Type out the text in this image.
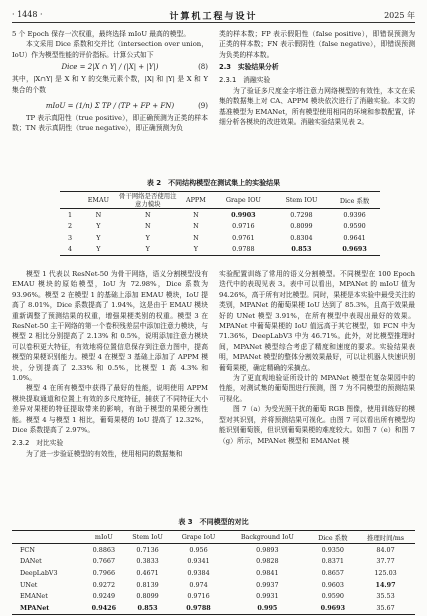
· 1448 ·	计算机工程与设计	2025 年

5 个 Epoch 保存一次权重，最终选择 mIoU 最高的模型。

本文采用 Dice 系数和交并比（intersection over union，IoU）作为模型性能的评价指标。计算公式如下

Dice = 2|X ∩ Y| / (|X| + |Y|)	(8)

其中，|X∩Y| 是 X 和 Y 的交集元素个数，|X| 和 |Y| 是 X 和 Y 集合的个数

mIoU = (1/n) Σ TP / (TP + FP + FN)	(9)

TP 表示真阳性（true positive），即正确预测为正类的样本数；TN 表示真阴性（true negative），即正确预测为负

类的样本数；FP 表示假阳性（false positive），即错误预测为正类的样本数；FN 表示假阴性（false negative），即错误预测为负类的样本数。

2.3　实验结果分析
2.3.1　消融实验

为了验证多尺度金字塔注意力网络模型的有效性，本文在采集的数据集上对 CA、APPM 模块依次进行了消融实验。本文的基准模型为 EMANet，所有模型使用相同的环境和参数配置，详细分析各模块的改进效果。消融实验结果见表 2。

表 2　不同结构模型在测试集上的实验结果
	EMAU	骨干网络是否使用注意力模块	APPM	Grape IOU	Stem IOU	Dice 系数
1	N	N	N	0.9903	0.7298	0.9396
2	Y	N	N	0.9716	0.8099	0.9590
3	Y	Y	N	0.9761	0.8304	0.9641
4	Y	Y	Y	0.9788	0.853	0.9693

模型 1 代表以 ResNet-50 为骨干网络，语义分割模型没有 EMAU 模块的原始模型，IoU 为 72.98%，Dice 系数为 93.96%。模型 2 在模型 1 的基础上添加 EMAU 模块，IoU 提高了 8.01%，Dice 系数提高了 1.94%，这是由于 EMAU 模块重新调整了预测结果的权重，增强果梗类别的权重。模型 3 在 ResNet-50 主干网络的第一个卷积残差层中添加注意力模块，与模型 2 相比分别提高了 2.13% 和 0.5%，说明添加注意力模块可以卷积更大特征，有效地将位置信息保存到注意力图中，提高模型的果梗识别能力。模型 4 在模型 3 基础上添加了 APPM 模块，分别提高了 2.33% 和 0.5%，比模型 1 高 4.3% 和 1.0%。

模型 4 在所有模型中获得了最好的性能，说明使用 APPM 模块提取通道和位置上有效的多尺度特征，捕获了不同特征大小差异对果梗的特征提取带来的影响，有助于模型的果梗分割性能。模型 4 与模型 1 相比，葡萄果梗的 IoU 提高了 12.32%，Dice 系数提高了 2.97%。

2.3.2　对比实验

为了进一步验证模型的有效性，使用相同的数据集和

实验配置训练了常用的语义分割模型。不同模型在 100 Epoch 迭代中的表现见表 3。表中可以看出，MPANet 的 mIoU 值为 94.26%，高于所有对比模型。同时，果梗是本实验中最受关注的类别，MPANet 的葡萄果梗 IoU 达到了 85.3%，且高于效果最好的 UNet 模型 3.91%，在所有模型中表现出最好的效果。MPANet 中葡萄果梗的 IoU 值远高于其它模型，如 FCN 中为 71.36%，DeepLabV3 中为 46.71%。此外，对比模型推理时间，MPANet 模型综合考虑了精度和速度的要求。实验结果表明，MPANet 模型的整体分割效果最好，可以让机器人快速识别葡萄果梗，确定精确的采摘点。

为了更直观地验证所设计的 MPANet 模型在复杂果园中的性能，对测试集的葡萄图进行预测，图 7 为不同模型的预测结果可视化。

图 7（a）为受光照干扰的葡萄 RGB 图像，使用训练好的模型对其识别，并将预测结果可视化。由图 7 可以看出所有模型均能识别葡萄簇，但识别葡萄果梗的难度较大。如图 7（e）和图 7（g）所示，MPANet 模型和 EMANet 模

表 3　不同模型的对比
	mIoU	Stem IoU	Grape IoU	Background IoU	Dice 系数	推理时间/ms
FCN	0.8863	0.7136	0.956	0.9893	0.9350	84.07
DANet	0.7667	0.3833	0.9341	0.9828	0.8371	37.77
DeepLabV3	0.7966	0.4671	0.9384	0.9841	0.8657	125.03
UNet	0.9272	0.8139	0.974	0.9937	0.9603	14.97
EMANet	0.9249	0.8099	0.9716	0.9931	0.9590	35.53
MPANet	0.9426	0.853	0.9788	0.995	0.9693	35.67
